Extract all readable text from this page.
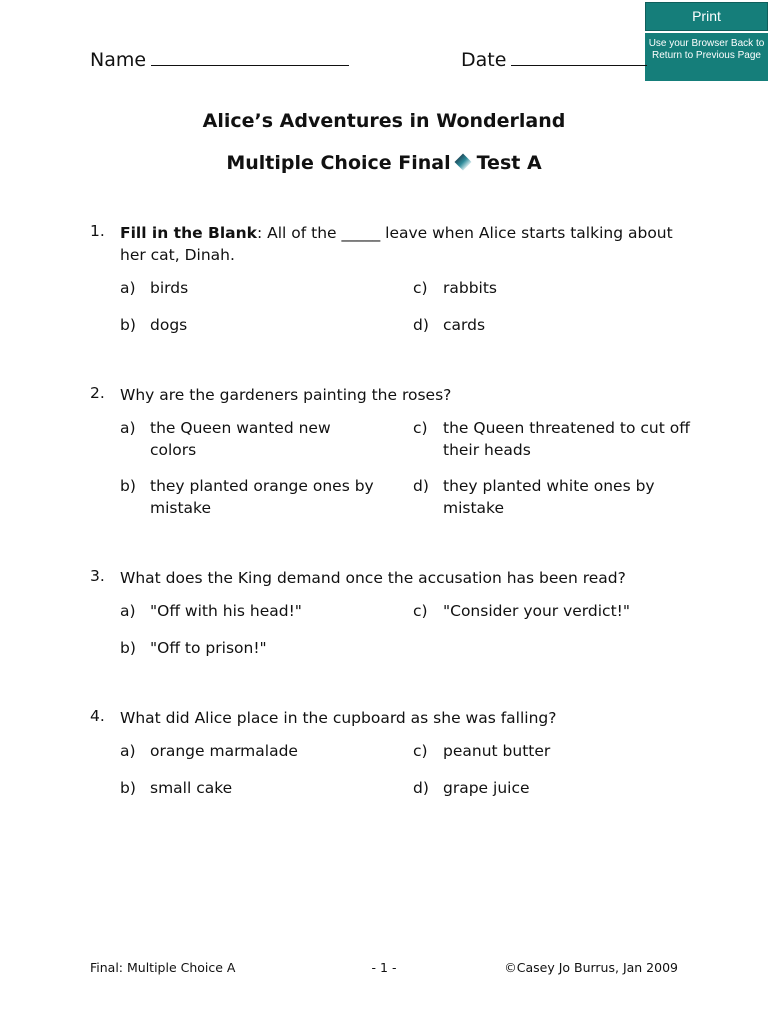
Print
Use your Browser Back to Return to Previous Page
Name	Date
Alice’s Adventures in Wonderland
Multiple Choice Final Test A
1. Fill in the Blank: All of the _____ leave when Alice starts talking about her cat, Dinah.
a) birds
b) dogs
c) rabbits
d) cards
2. Why are the gardeners painting the roses?
a) the Queen wanted new colors
b) they planted orange ones by mistake
c) the Queen threatened to cut off their heads
d) they planted white ones by mistake
3. What does the King demand once the accusation has been read?
a) "Off with his head!"
b) "Off to prison!"
c) "Consider your verdict!"
4. What did Alice place in the cupboard as she was falling?
a) orange marmalade
b) small cake
c) peanut butter
d) grape juice
Final: Multiple Choice A	- 1 -	©Casey Jo Burrus, Jan 2009
